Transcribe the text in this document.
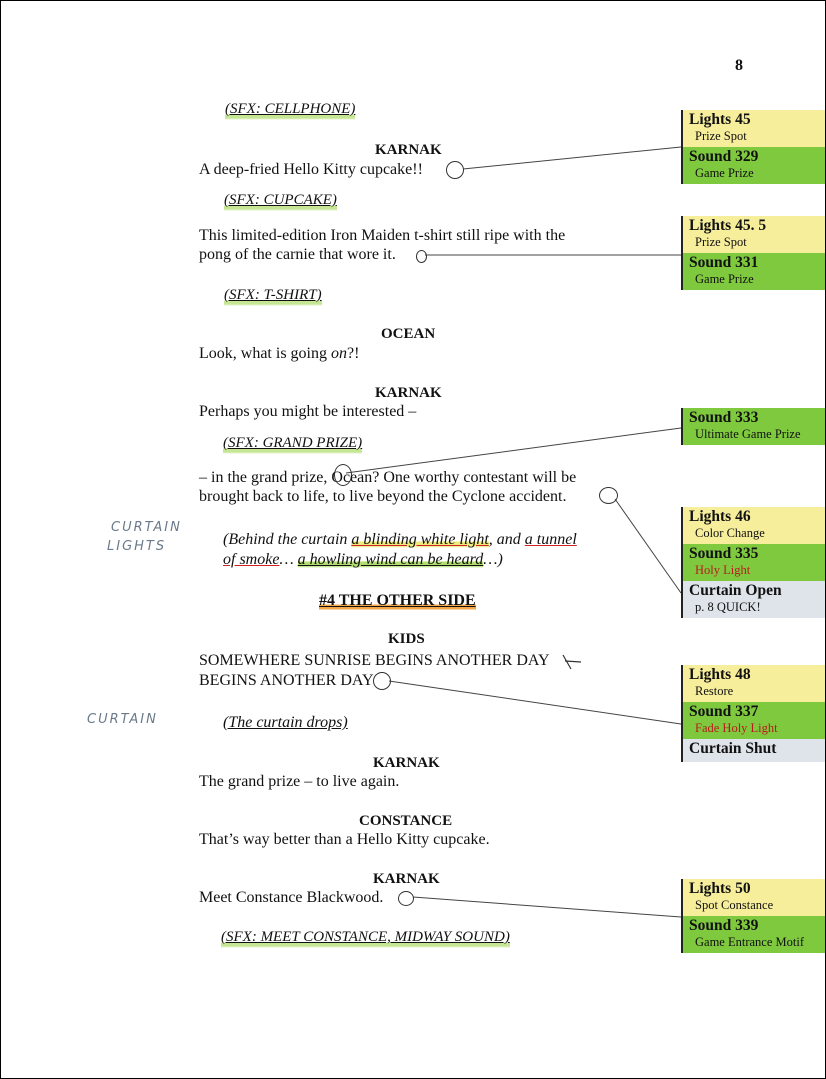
8
(SFX: CELLPHONE)
KARNAK
A deep-fried Hello Kitty cupcake!!
(SFX: CUPCAKE)
This limited-edition Iron Maiden t-shirt still ripe with the
pong of the carnie that wore it.
(SFX: T-SHIRT)
OCEAN
Look, what is going on?!
KARNAK
Perhaps you might be interested –
(SFX: GRAND PRIZE)
– in the grand prize, Ocean? One worthy contestant will be
brought back to life, to live beyond the Cyclone accident.
CURTAIN
LIGHTS	(Behind the curtain a blinding white light, and a tunnel
of smoke… a howling wind can be heard…)
#4 THE OTHER SIDE
KIDS
SOMEWHERE SUNRISE BEGINS ANOTHER DAY
BEGINS ANOTHER DAY
CURTAIN	(The curtain drops)
KARNAK
The grand prize – to live again.
CONSTANCE
That’s way better than a Hello Kitty cupcake.
KARNAK
Meet Constance Blackwood.
(SFX: MEET CONSTANCE, MIDWAY SOUND)
Lights 45
Prize Spot
Sound 329
Game Prize
Lights 45. 5
Prize Spot
Sound 331
Game Prize
Sound 333
Ultimate Game Prize
Lights 46
Color Change
Sound 335
Holy Light
Curtain Open
p. 8 QUICK!
Lights 48
Restore
Sound 337
Fade Holy Light
Curtain Shut
Lights 50
Spot Constance
Sound 339
Game Entrance Motif
